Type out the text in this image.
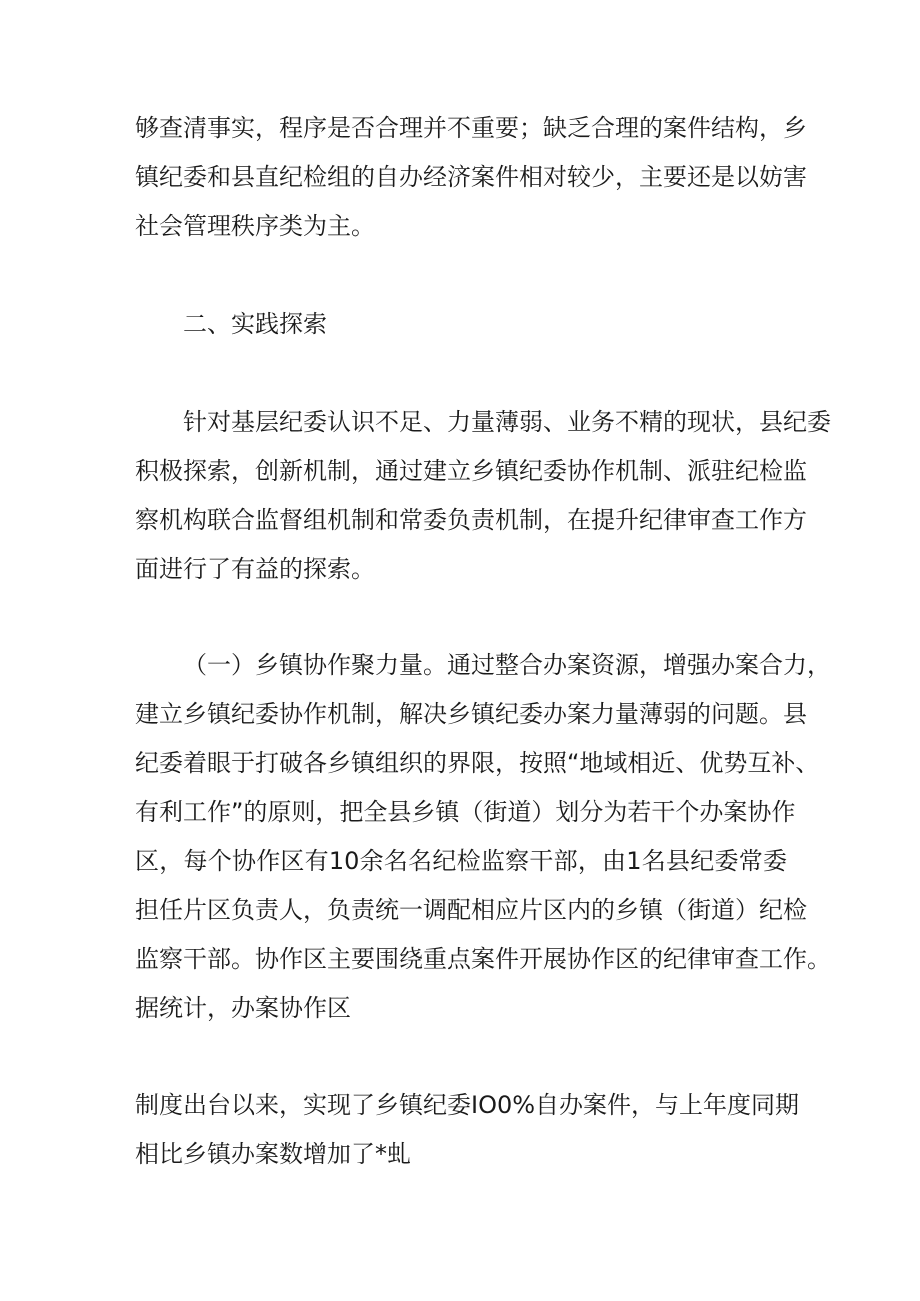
够查清事实，程序是否合理并不重要；缺乏合理的案件结构，乡
镇纪委和县直纪检组的自办经济案件相对较少，主要还是以妨害
社会管理秩序类为主。
二、实践探索
针对基层纪委认识不足、力量薄弱、业务不精的现状，县纪委
积极探索，创新机制，通过建立乡镇纪委协作机制、派驻纪检监
察机构联合监督组机制和常委负责机制，在提升纪律审查工作方
面进行了有益的探索。
（一）乡镇协作聚力量。通过整合办案资源，增强办案合力，
建立乡镇纪委协作机制，解决乡镇纪委办案力量薄弱的问题。县
纪委着眼于打破各乡镇组织的界限，按照“地域相近、优势互补、
有利工作”的原则，把全县乡镇（街道）划分为若干个办案协作
区，每个协作区有10余名名纪检监察干部，由1名县纪委常委
担任片区负责人，负责统一调配相应片区内的乡镇（街道）纪检
监察干部。协作区主要围绕重点案件开展协作区的纪律审查工作。
据统计，办案协作区
制度出台以来，实现了乡镇纪委IO0%自办案件，与上年度同期
相比乡镇办案数增加了*虬
